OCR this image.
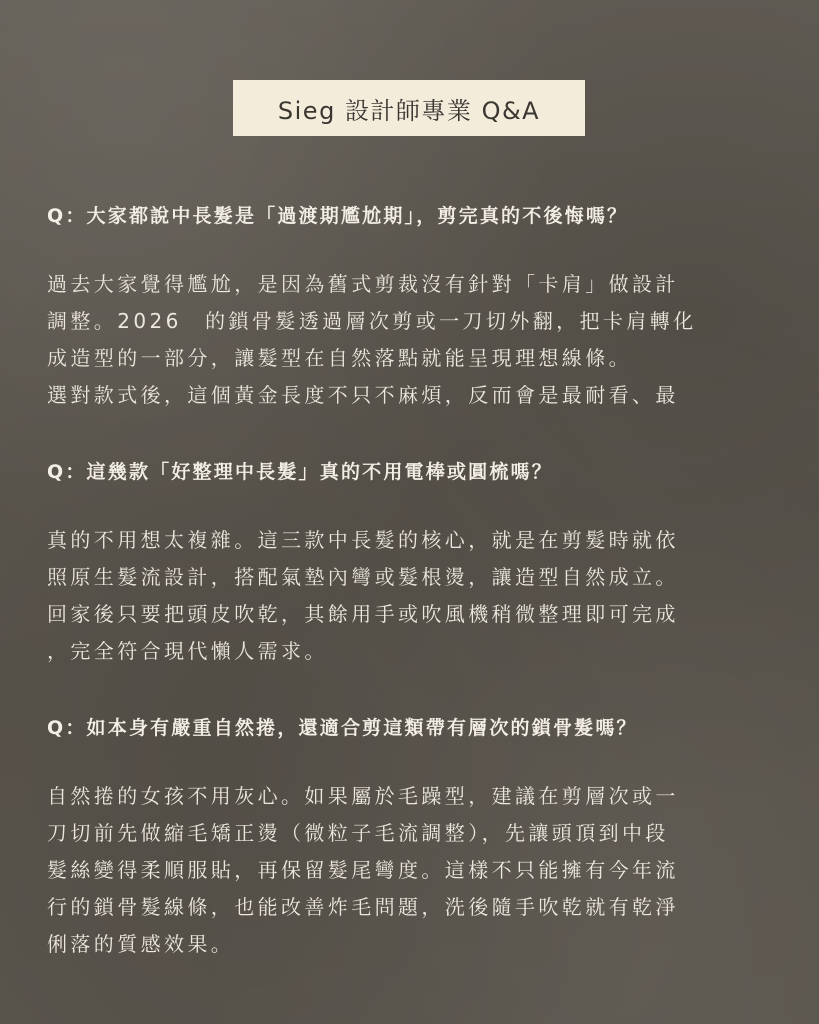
Sieg 設計師專業 Q&A

Q：大家都說中長髮是「過渡期尷尬期」，剪完真的不後悔嗎？

過去大家覺得尷尬，是因為舊式剪裁沒有針對「卡肩」做設計
調整。2026　的鎖骨髮透過層次剪或一刀切外翻，把卡肩轉化
成造型的一部分，讓髮型在自然落點就能呈現理想線條。
選對款式後，這個黃金長度不只不麻煩，反而會是最耐看、最

Q：這幾款「好整理中長髮」真的不用電棒或圓梳嗎？

真的不用想太複雜。這三款中長髮的核心，就是在剪髮時就依
照原生髮流設計，搭配氣墊內彎或髮根燙，讓造型自然成立。
回家後只要把頭皮吹乾，其餘用手或吹風機稍微整理即可完成
，完全符合現代懶人需求。

Q：如本身有嚴重自然捲，還適合剪這類帶有層次的鎖骨髮嗎？

自然捲的女孩不用灰心。如果屬於毛躁型，建議在剪層次或一
刀切前先做縮毛矯正燙（微粒子毛流調整），先讓頭頂到中段
髮絲變得柔順服貼，再保留髮尾彎度。這樣不只能擁有今年流
行的鎖骨髮線條，也能改善炸毛問題，洗後隨手吹乾就有乾淨
俐落的質感效果。
